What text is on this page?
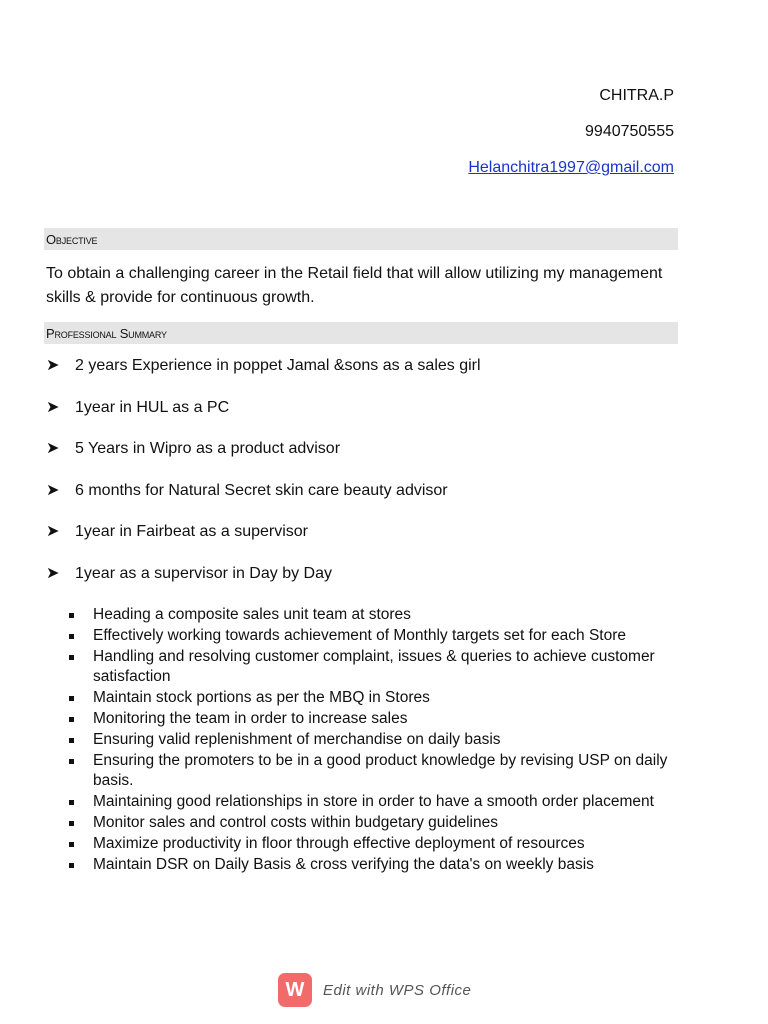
CHITRA.P
9940750555
Helanchitra1997@gmail.com
Objective
To obtain a challenging career in the Retail field that will allow utilizing my management skills & provide for continuous growth.
Professional Summary
➤ 2 years Experience in poppet Jamal &sons as a sales girl
➤ 1year in HUL as a PC
➤ 5 Years in Wipro as a product advisor
➤ 6 months for Natural Secret skin care beauty advisor
➤ 1year in Fairbeat as a supervisor
➤ 1year as a supervisor in Day by Day
Heading a composite sales unit team at stores
Effectively working towards achievement of Monthly targets set for each Store
Handling and resolving customer complaint, issues & queries to achieve customer satisfaction
Maintain stock portions as per the MBQ in Stores
Monitoring the team in order to increase sales
Ensuring valid replenishment of merchandise on daily basis
Ensuring the promoters to be in a good product knowledge by revising USP on daily basis.
Maintaining good relationships in store in order to have a smooth order placement
Monitor sales and control costs within budgetary guidelines
Maximize productivity in floor through effective deployment of resources
Maintain DSR on Daily Basis & cross verifying the data's on weekly basis
W	Edit with WPS Office
